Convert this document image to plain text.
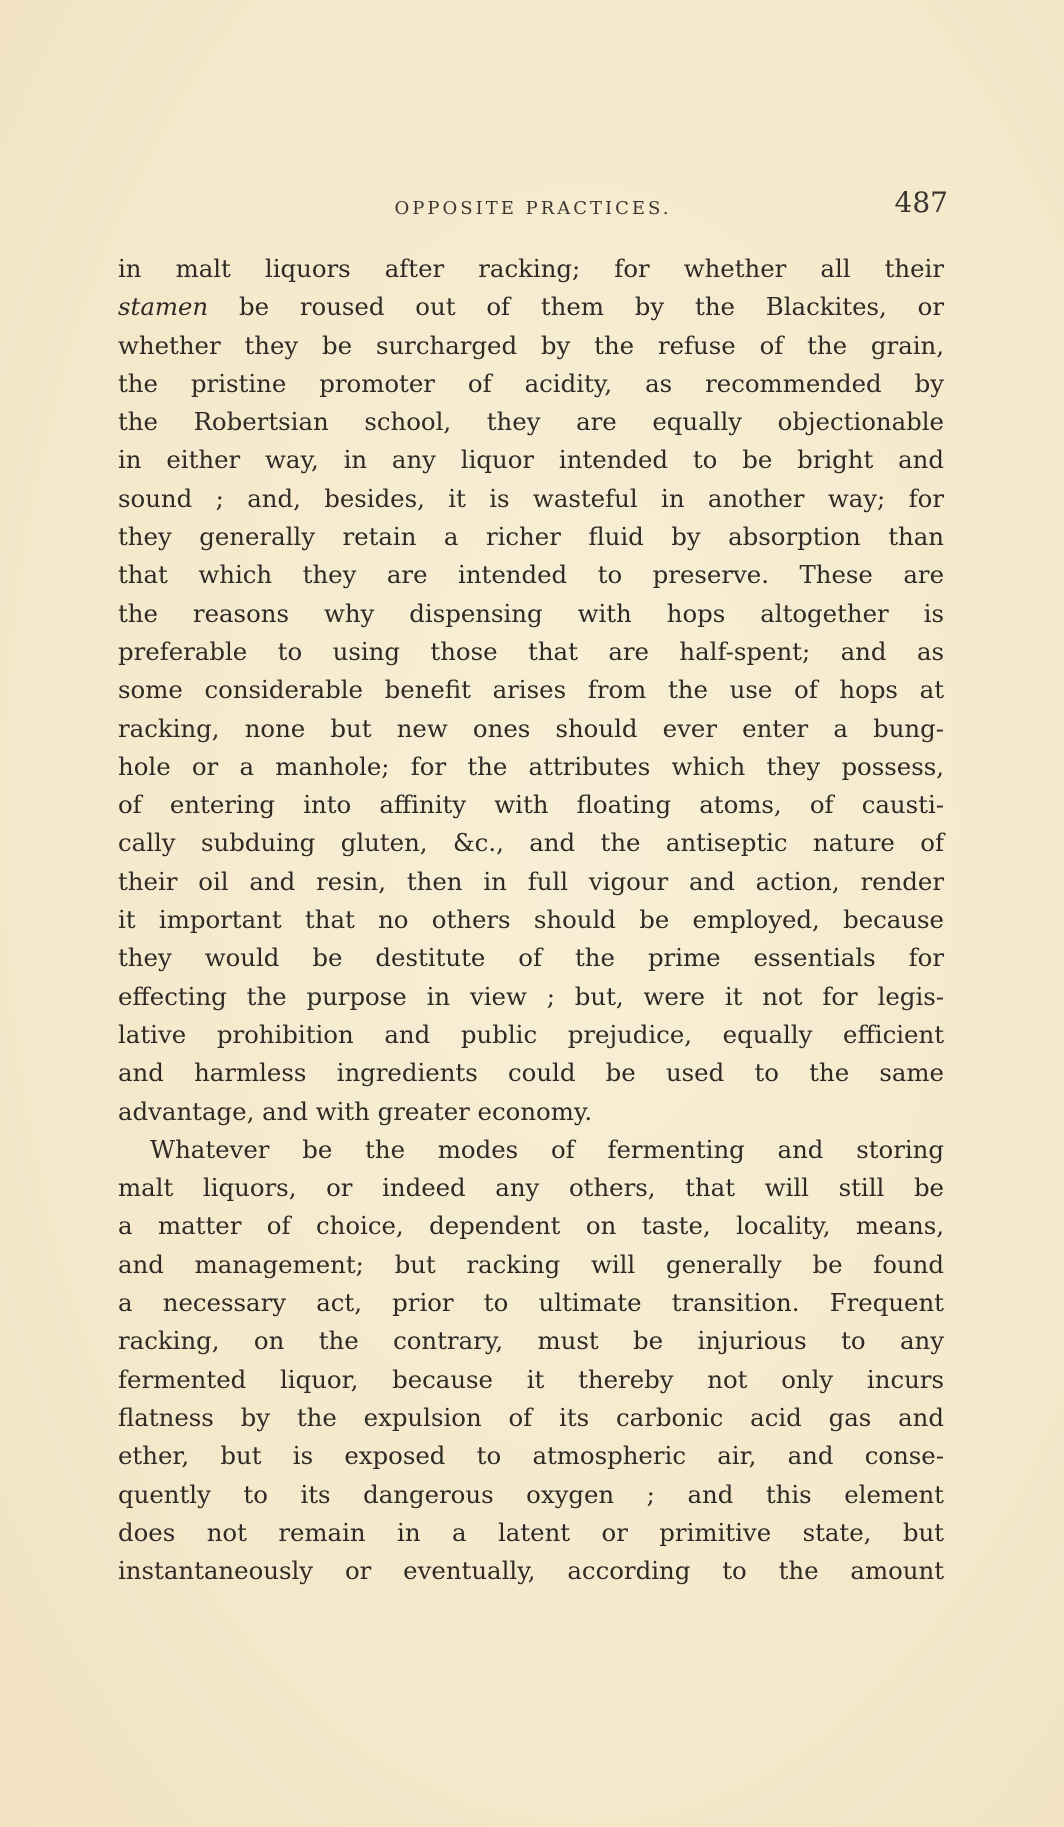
OPPOSITE PRACTICES.	487
in malt liquors after racking; for whether all their
stamen be roused out of them by the Blackites, or
whether they be surcharged by the refuse of the grain,
the pristine promoter of acidity, as recommended by
the Robertsian school, they are equally objectionable
in either way, in any liquor intended to be bright and
sound ; and, besides, it is wasteful in another way; for
they generally retain a richer fluid by absorption than
that which they are intended to preserve. These are
the reasons why dispensing with hops altogether is
preferable to using those that are half-spent; and as
some considerable benefit arises from the use of hops at
racking, none but new ones should ever enter a bung-
hole or a manhole; for the attributes which they possess,
of entering into affinity with floating atoms, of causti-
cally subduing gluten, &c., and the antiseptic nature of
their oil and resin, then in full vigour and action, render
it important that no others should be employed, because
they would be destitute of the prime essentials for
effecting the purpose in view ; but, were it not for legis-
lative prohibition and public prejudice, equally efficient
and harmless ingredients could be used to the same
advantage, and with greater economy.
Whatever be the modes of fermenting and storing
malt liquors, or indeed any others, that will still be
a matter of choice, dependent on taste, locality, means,
and management; but racking will generally be found
a necessary act, prior to ultimate transition. Frequent
racking, on the contrary, must be injurious to any
fermented liquor, because it thereby not only incurs
flatness by the expulsion of its carbonic acid gas and
ether, but is exposed to atmospheric air, and conse-
quently to its dangerous oxygen ; and this element
does not remain in a latent or primitive state, but
instantaneously or eventually, according to the amount
